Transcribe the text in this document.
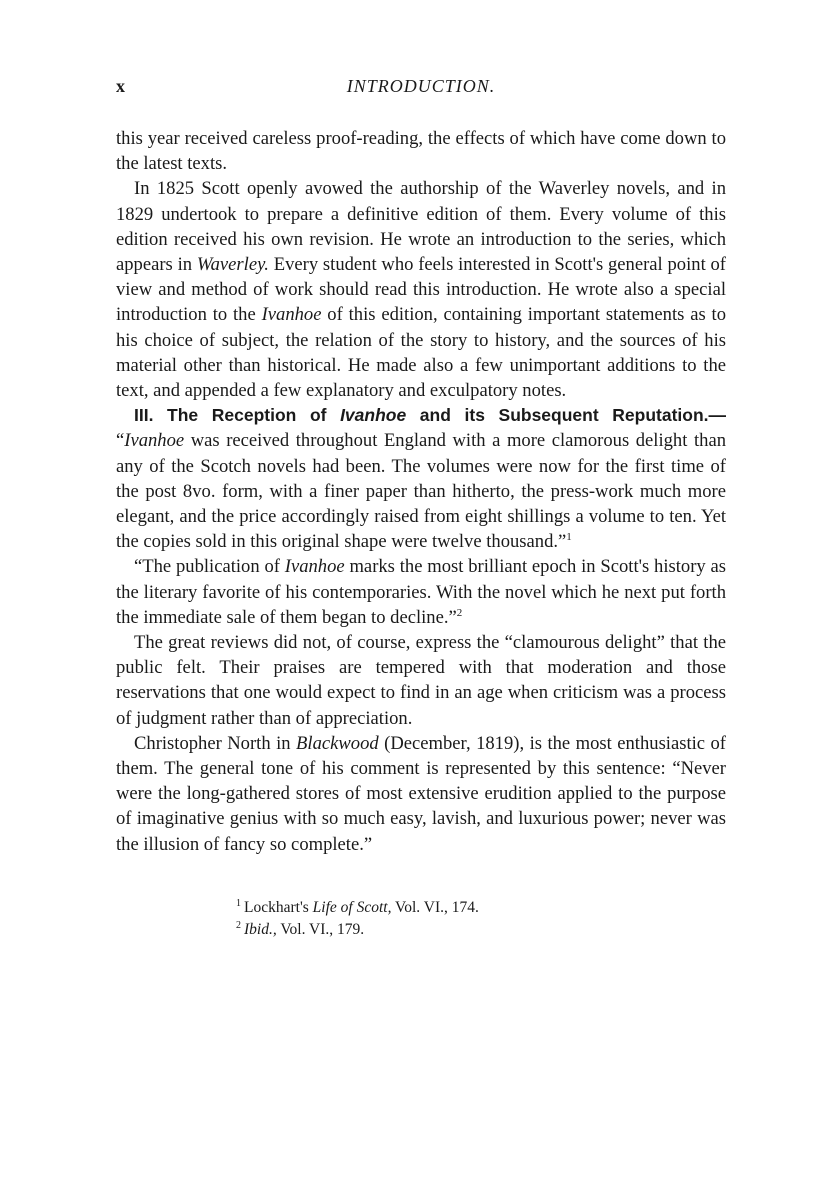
x	INTRODUCTION.

this year received careless proof-reading, the effects of which have come down to the latest texts.

In 1825 Scott openly avowed the authorship of the Waverley novels, and in 1829 undertook to prepare a definitive edition of them. Every volume of this edition received his own revision. He wrote an introduction to the series, which appears in Waverley. Every student who feels interested in Scott's general point of view and method of work should read this introduction. He wrote also a special introduction to the Ivanhoe of this edition, containing important statements as to his choice of subject, the relation of the story to history, and the sources of his material other than historical. He made also a few unimportant additions to the text, and appended a few explanatory and exculpatory notes.

III. The Reception of Ivanhoe and its Subsequent Reputation.— “Ivanhoe was received throughout England with a more clamorous delight than any of the Scotch novels had been. The volumes were now for the first time of the post 8vo. form, with a finer paper than hitherto, the press-work much more elegant, and the price accordingly raised from eight shillings a volume to ten. Yet the copies sold in this original shape were twelve thousand.”$^1$

“The publication of Ivanhoe marks the most brilliant epoch in Scott's history as the literary favorite of his contemporaries. With the novel which he next put forth the immediate sale of them began to decline.”$^2$

The great reviews did not, of course, express the “clamourous delight” that the public felt. Their praises are tempered with that moderation and those reservations that one would expect to find in an age when criticism was a process of judgment rather than of appreciation.

Christopher North in Blackwood (December, 1819), is the most enthusiastic of them. The general tone of his comment is represented by this sentence: “Never were the long-gathered stores of most extensive erudition applied to the purpose of imaginative genius with so much easy, lavish, and luxurious power; never was the illusion of fancy so complete.”

$^1$ Lockhart's Life of Scott, Vol. VI., 174.
$^2$ Ibid., Vol. VI., 179.
